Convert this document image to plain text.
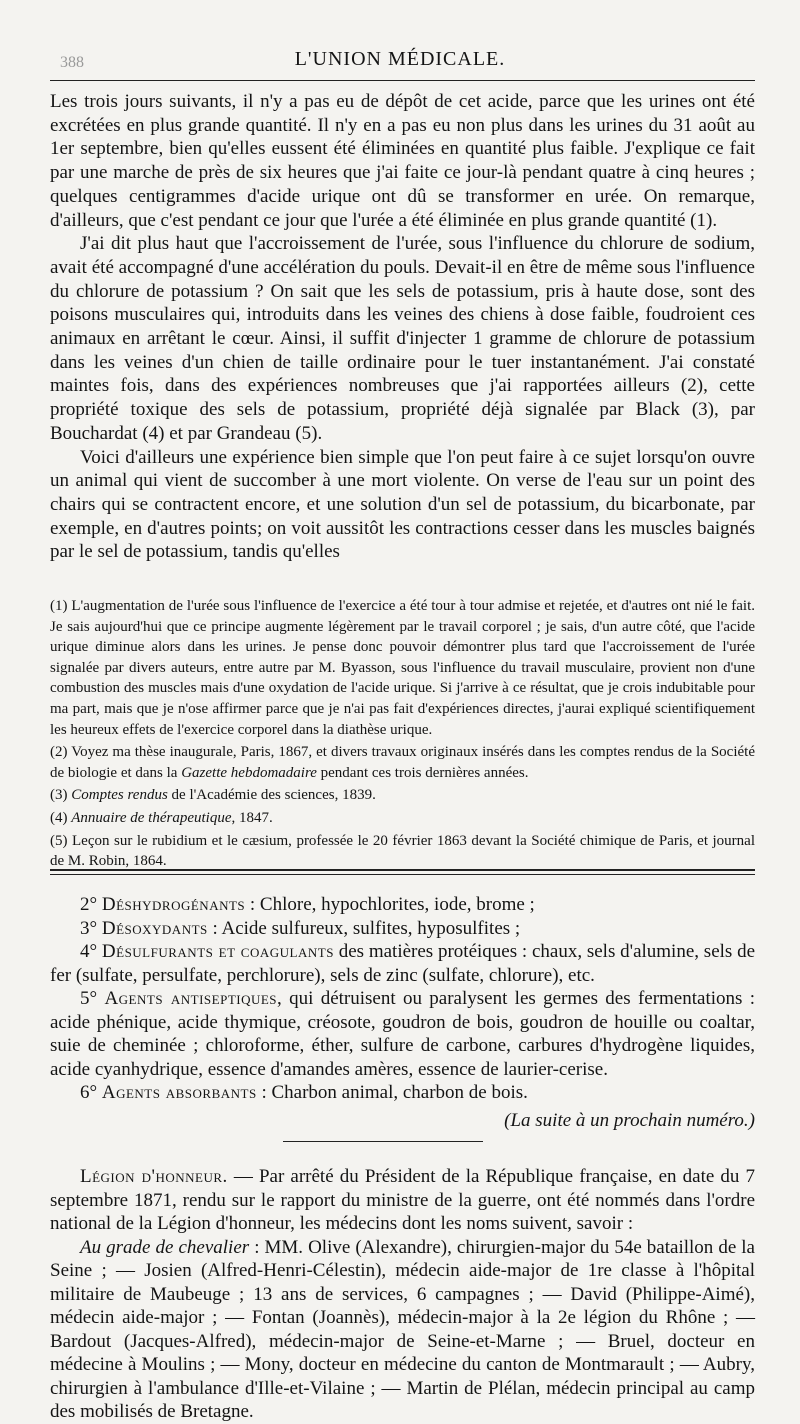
388	L'UNION MÉDICALE.

Les trois jours suivants, il n'y a pas eu de dépôt de cet acide, parce que les urines ont été excrétées en plus grande quantité. Il n'y en a pas eu non plus dans les urines du 31 août au 1er septembre, bien qu'elles eussent été éliminées en quantité plus faible. J'explique ce fait par une marche de près de six heures que j'ai faite ce jour-là pendant quatre à cinq heures ; quelques centigrammes d'acide urique ont dû se transformer en urée. On remarque, d'ailleurs, que c'est pendant ce jour que l'urée a été éliminée en plus grande quantité (1).

J'ai dit plus haut que l'accroissement de l'urée, sous l'influence du chlorure de sodium, avait été accompagné d'une accélération du pouls. Devait-il en être de même sous l'influence du chlorure de potassium ? On sait que les sels de potassium, pris à haute dose, sont des poisons musculaires qui, introduits dans les veines des chiens à dose faible, foudroient ces animaux en arrêtant le cœur. Ainsi, il suffit d'injecter 1 gramme de chlorure de potassium dans les veines d'un chien de taille ordinaire pour le tuer instantanément. J'ai constaté maintes fois, dans des expériences nombreuses que j'ai rapportées ailleurs (2), cette propriété toxique des sels de potassium, propriété déjà signalée par Black (3), par Bouchardat (4) et par Grandeau (5).

Voici d'ailleurs une expérience bien simple que l'on peut faire à ce sujet lorsqu'on ouvre un animal qui vient de succomber à une mort violente. On verse de l'eau sur un point des chairs qui se contractent encore, et une solution d'un sel de potassium, du bicarbonate, par exemple, en d'autres points; on voit aussitôt les contractions cesser dans les muscles baignés par le sel de potassium, tandis qu'elles

(1) L'augmentation de l'urée sous l'influence de l'exercice a été tour à tour admise et rejetée, et d'autres ont nié le fait. Je sais aujourd'hui que ce principe augmente légèrement par le travail corporel ; je sais, d'un autre côté, que l'acide urique diminue alors dans les urines. Je pense donc pouvoir démontrer plus tard que l'accroissement de l'urée signalée par divers auteurs, entre autre par M. Byasson, sous l'influence du travail musculaire, provient non d'une combustion des muscles mais d'une oxydation de l'acide urique. Si j'arrive à ce résultat, que je crois indubitable pour ma part, mais que je n'ose affirmer parce que je n'ai pas fait d'expériences directes, j'aurai expliqué scientifiquement les heureux effets de l'exercice corporel dans la diathèse urique.

(2) Voyez ma thèse inaugurale, Paris, 1867, et divers travaux originaux insérés dans les comptes rendus de la Société de biologie et dans la Gazette hebdomadaire pendant ces trois dernières années.

(3) Comptes rendus de l'Académie des sciences, 1839.

(4) Annuaire de thérapeutique, 1847.

(5) Leçon sur le rubidium et le cæsium, professée le 20 février 1863 devant la Société chimique de Paris, et journal de M. Robin, 1864.

2° Déshydrogénants : Chlore, hypochlorites, iode, brome ;

3° Désoxydants : Acide sulfureux, sulfites, hyposulfites ;

4° Désulfurants et coagulants des matières protéiques : chaux, sels d'alumine, sels de fer (sulfate, persulfate, perchlorure), sels de zinc (sulfate, chlorure), etc.

5° Agents antiseptiques, qui détruisent ou paralysent les germes des fermentations : acide phénique, acide thymique, créosote, goudron de bois, goudron de houille ou coaltar, suie de cheminée ; chloroforme, éther, sulfure de carbone, carbures d'hydrogène liquides, acide cyanhydrique, essence d'amandes amères, essence de laurier-cerise.

6° Agents absorbants : Charbon animal, charbon de bois.

(La suite à un prochain numéro.)

Légion d'honneur. — Par arrêté du Président de la République française, en date du 7 septembre 1871, rendu sur le rapport du ministre de la guerre, ont été nommés dans l'ordre national de la Légion d'honneur, les médecins dont les noms suivent, savoir :

Au grade de chevalier : MM. Olive (Alexandre), chirurgien-major du 54e bataillon de la Seine ; — Josien (Alfred-Henri-Célestin), médecin aide-major de 1re classe à l'hôpital militaire de Maubeuge ; 13 ans de services, 6 campagnes ; — David (Philippe-Aimé), médecin aide-major ; — Fontan (Joannès), médecin-major à la 2e légion du Rhône ; — Bardout (Jacques-Alfred), médecin-major de Seine-et-Marne ; — Bruel, docteur en médecine à Moulins ; — Mony, docteur en médecine du canton de Montmarault ; — Aubry, chirurgien à l'ambulance d'Ille-et-Vilaine ; — Martin de Plélan, médecin principal au camp des mobilisés de Bretagne.
